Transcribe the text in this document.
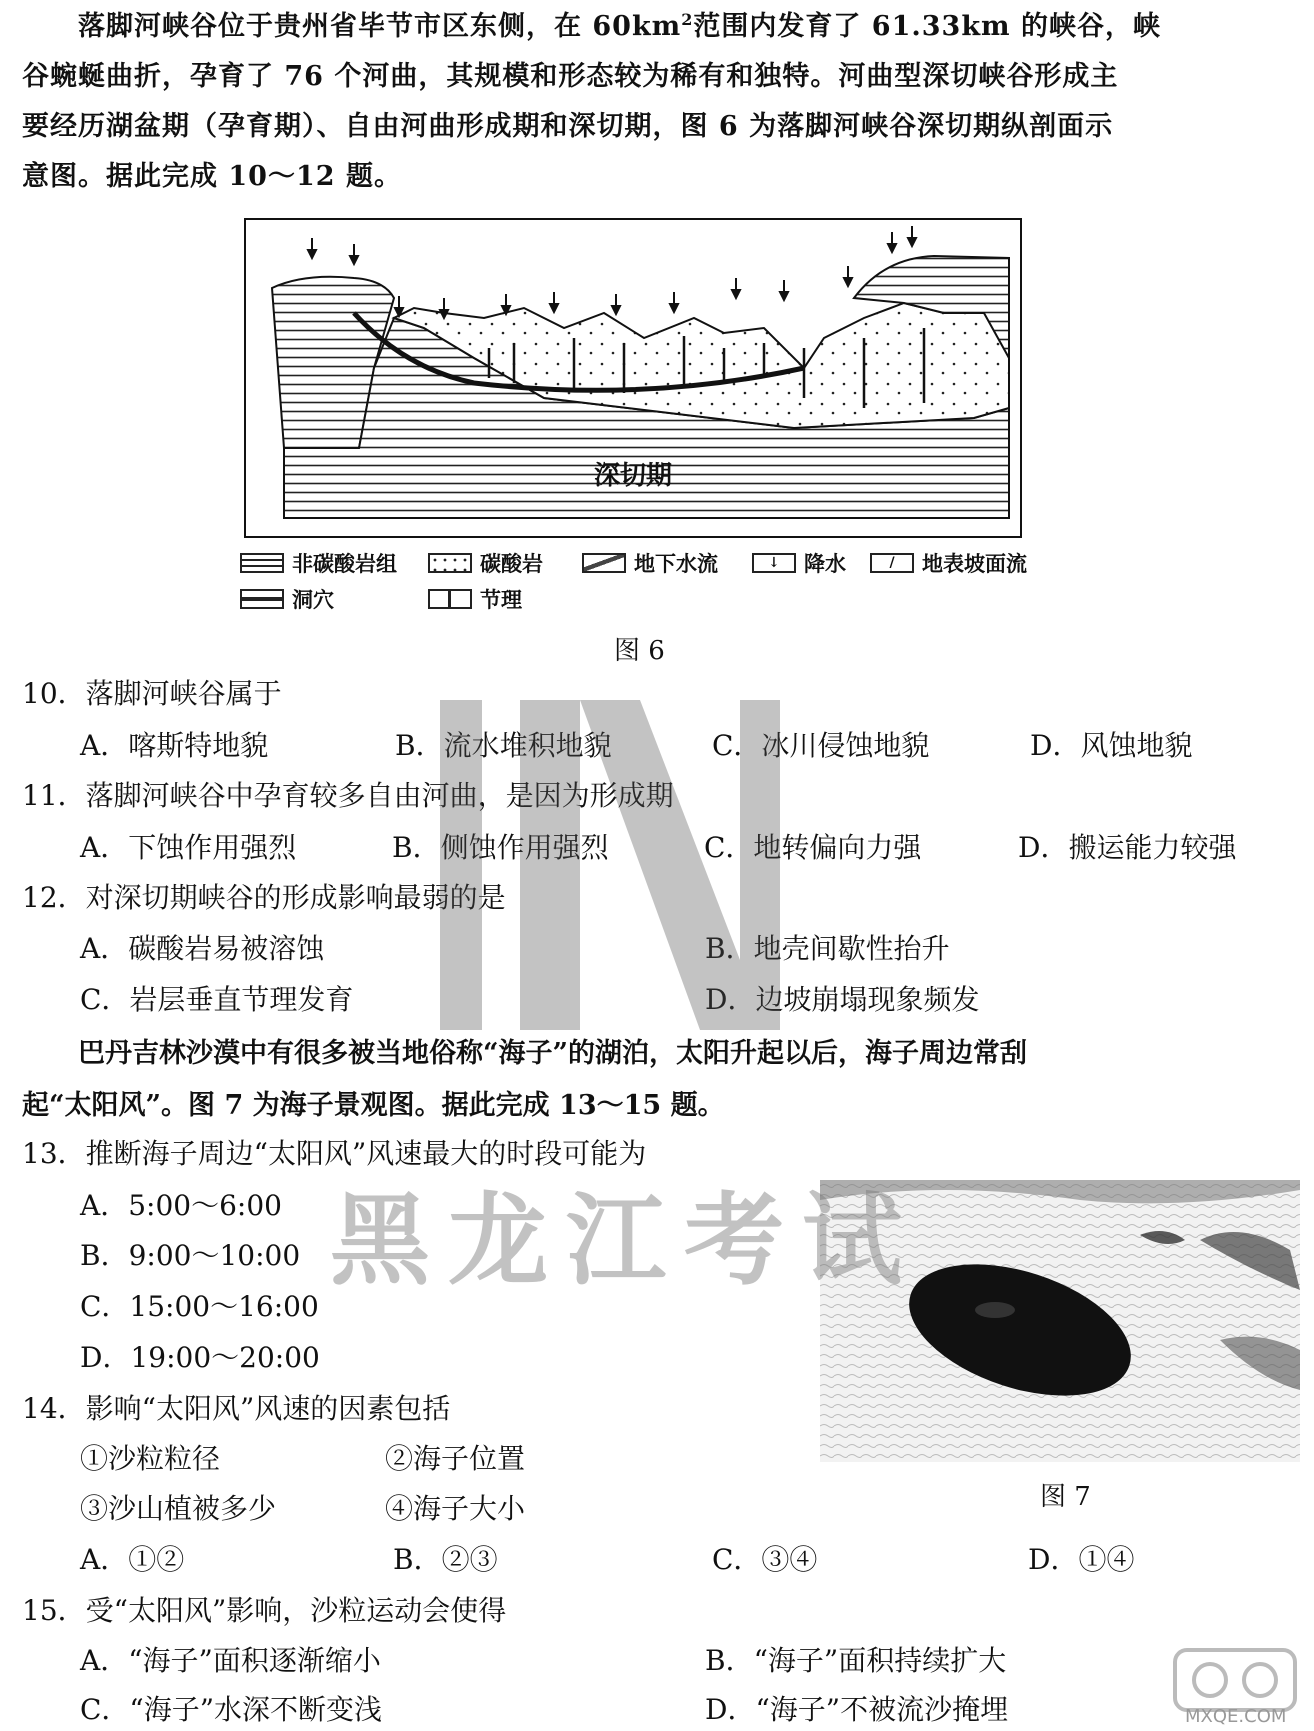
落脚河峡谷位于贵州省毕节市区东侧，在 $60km^2$范围内发育了 61.33km 的峡谷，峡
谷蜿蜒曲折，孕育了 76 个河曲，其规模和形态较为稀有和独特。河曲型深切峡谷形成主
要经历湖盆期（孕育期）、自由河曲形成期和深切期，图 6 为落脚河峡谷深切期纵剖面示
意图。据此完成 10～12 题。
深切期
非碳酸岩组	碳酸岩	地下水流	↓	降水	/	地表坡面流
洞穴	节理
图 6
10．落脚河峡谷属于
A．喀斯特地貌	B．流水堆积地貌	C．冰川侵蚀地貌	D．风蚀地貌
11．落脚河峡谷中孕育较多自由河曲，是因为形成期
A．下蚀作用强烈	B．侧蚀作用强烈	C．地转偏向力强	D．搬运能力较强
12．对深切期峡谷的形成影响最弱的是
A．碳酸岩易被溶蚀	B．地壳间歇性抬升
C．岩层垂直节理发育	D．边坡崩塌现象频发
巴丹吉林沙漠中有很多被当地俗称“海子”的湖泊，太阳升起以后，海子周边常刮
起“太阳风”。图 7 为海子景观图。据此完成 13～15 题。
13．推断海子周边“太阳风”风速最大的时段可能为
A．5:00～6:00
B．9:00～10:00
C．15:00～16:00
D．19:00～20:00
14．影响“太阳风”风速的因素包括
①沙粒粒径	②海子位置
③沙山植被多少	④海子大小
A．①②	B．②③	C．③④	D．①④
15．受“太阳风”影响，沙粒运动会使得
A．“海子”面积逐渐缩小	B．“海子”面积持续扩大
C．“海子”水深不断变浅	D．“海子”不被流沙掩埋
图 7
黑龙江考试
MXQE.COM
